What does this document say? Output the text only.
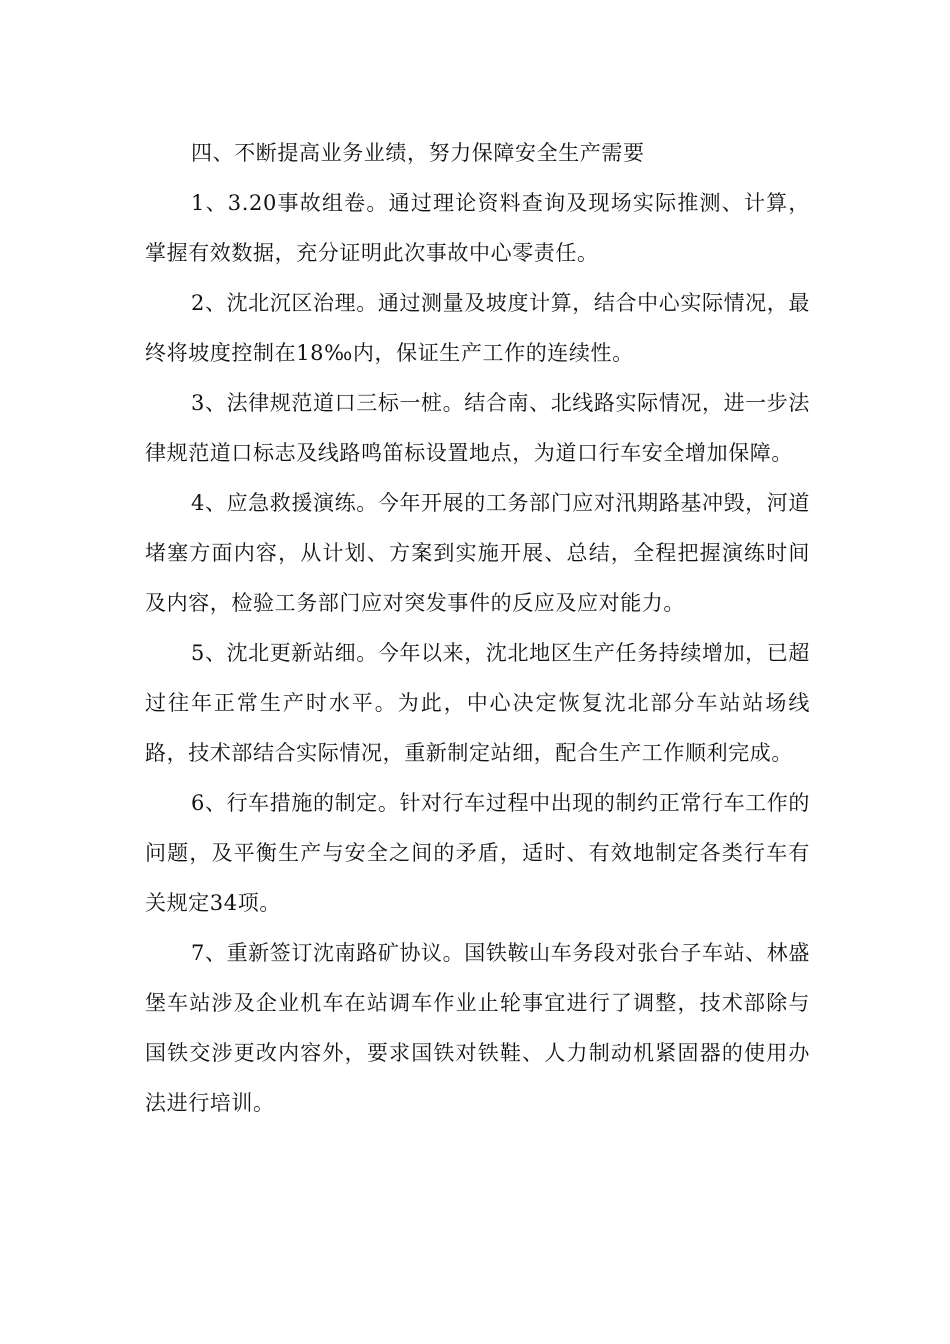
四、不断提高业务业绩，努力保障安全生产需要

1、3.20事故组卷。通过理论资料查询及现场实际推测、计算，掌握有效数据，充分证明此次事故中心零责任。

2、沈北沉区治理。通过测量及坡度计算，结合中心实际情况，最终将坡度控制在18‰内，保证生产工作的连续性。

3、法律规范道口三标一桩。结合南、北线路实际情况，进一步法律规范道口标志及线路鸣笛标设置地点，为道口行车安全增加保障。

4、应急救援演练。今年开展的工务部门应对汛期路基冲毁，河道堵塞方面内容，从计划、方案到实施开展、总结，全程把握演练时间及内容，检验工务部门应对突发事件的反应及应对能力。

5、沈北更新站细。今年以来，沈北地区生产任务持续增加，已超过往年正常生产时水平。为此，中心决定恢复沈北部分车站站场线路，技术部结合实际情况，重新制定站细，配合生产工作顺利完成。

6、行车措施的制定。针对行车过程中出现的制约正常行车工作的问题，及平衡生产与安全之间的矛盾，适时、有效地制定各类行车有关规定34项。

7、重新签订沈南路矿协议。国铁鞍山车务段对张台子车站、林盛堡车站涉及企业机车在站调车作业止轮事宜进行了调整，技术部除与国铁交涉更改内容外，要求国铁对铁鞋、人力制动机紧固器的使用办法进行培训。
